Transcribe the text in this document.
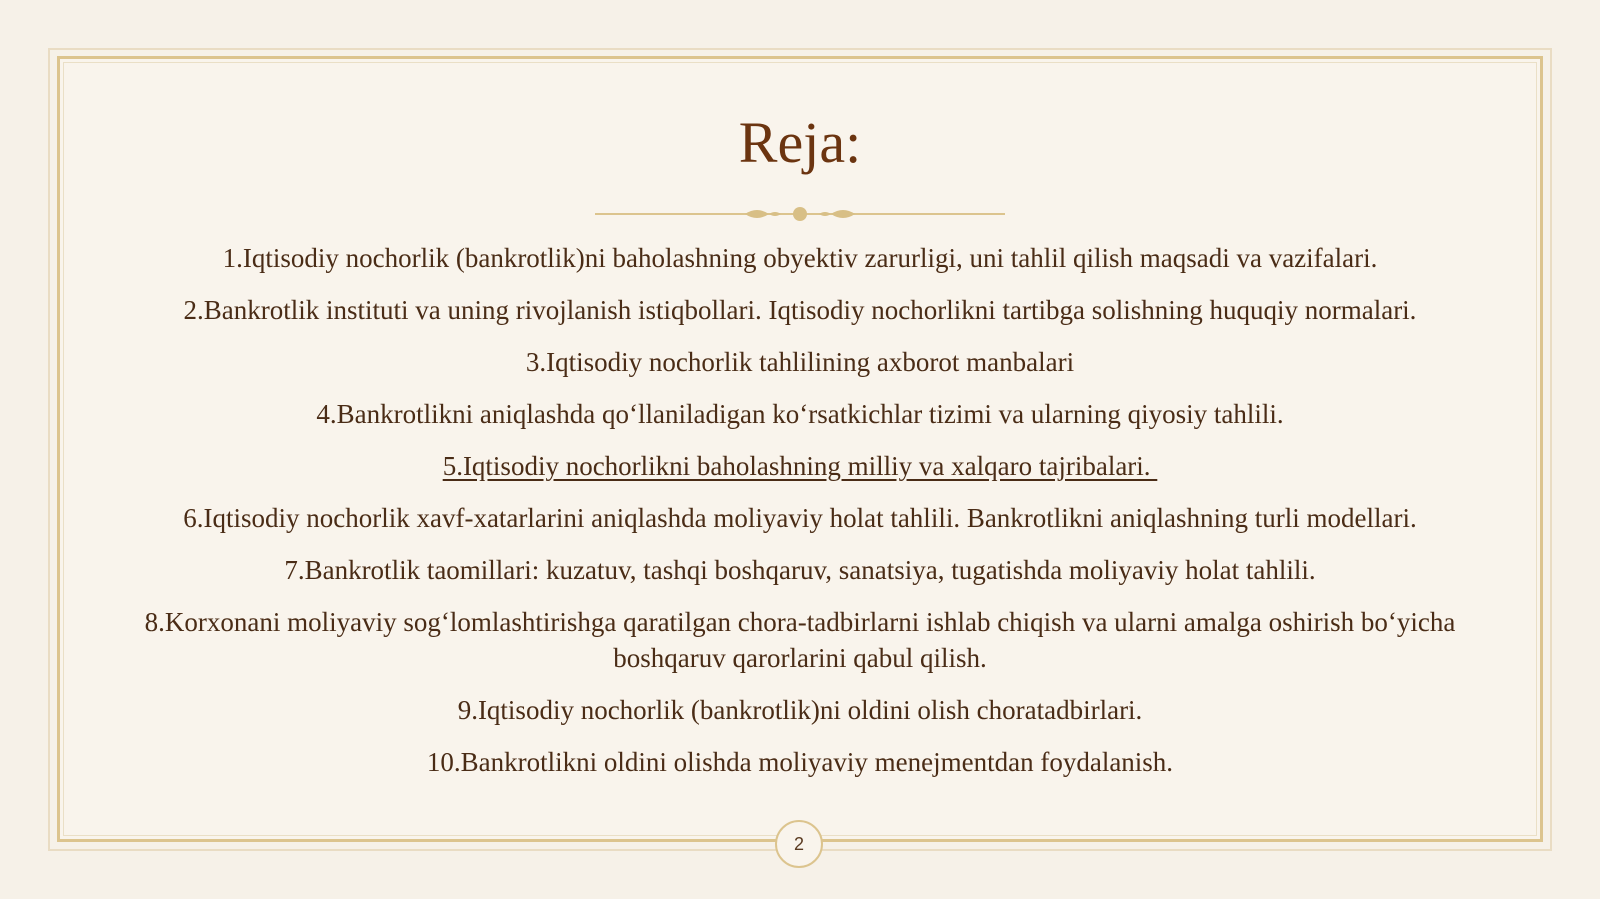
Reja:
1.Iqtisodiy nochorlik (bankrotlik)ni baholashning obyektiv zarurligi, uni tahlil qilish maqsadi va vazifalari.
2.Bankrotlik instituti va uning rivojlanish istiqbollari. Iqtisodiy nochorlikni tartibga solishning huquqiy normalari.
3.Iqtisodiy nochorlik tahlilining axborot manbalari
4.Bankrotlikni aniqlashda qo‘llaniladigan ko‘rsatkichlar tizimi va ularning qiyosiy tahlili.
5.Iqtisodiy nochorlikni baholashning milliy va xalqaro tajribalari.
6.Iqtisodiy nochorlik xavf-xatarlarini aniqlashda moliyaviy holat tahlili. Bankrotlikni aniqlashning turli modellari.
7.Bankrotlik taomillari: kuzatuv, tashqi boshqaruv, sanatsiya, tugatishda moliyaviy holat tahlili.
8.Korxonani moliyaviy sog‘lomlashtirishga qaratilgan chora-tadbirlarni ishlab chiqish va ularni amalga oshirish bo‘yicha boshqaruv qarorlarini qabul qilish.
9.Iqtisodiy nochorlik (bankrotlik)ni oldini olish choratadbirlari.
10.Bankrotlikni oldini olishda moliyaviy menejmentdan foydalanish.
2
